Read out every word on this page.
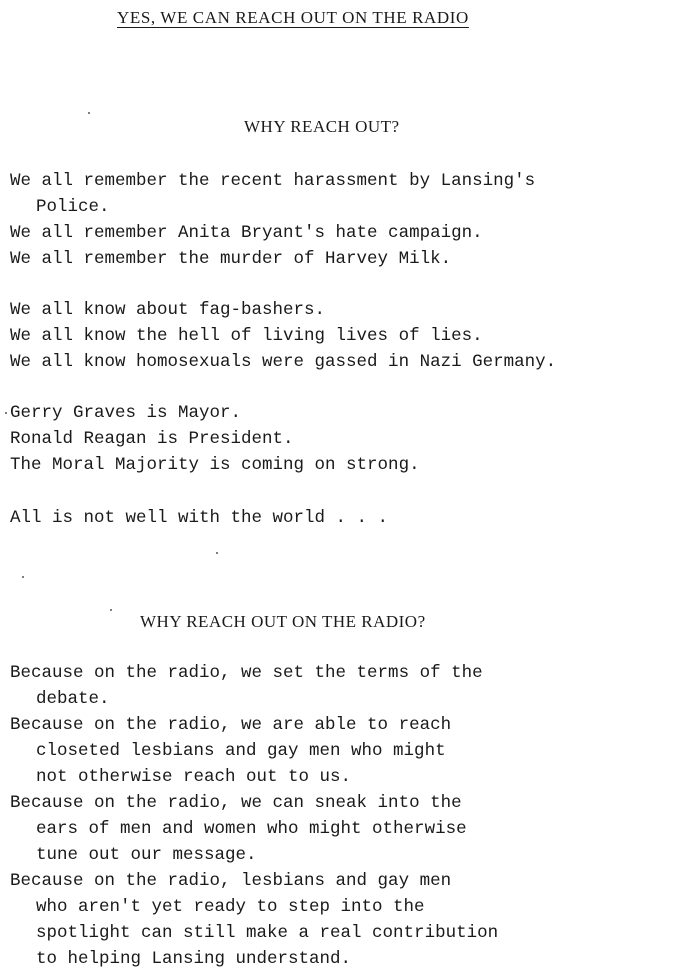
YES, WE CAN REACH OUT ON THE RADIO
WHY REACH OUT?
We all remember the recent harassment by Lansing's
Police.
We all remember Anita Bryant's hate campaign.
We all remember the murder of Harvey Milk.
We all know about fag-bashers.
We all know the hell of living lives of lies.
We all know homosexuals were gassed in Nazi Germany.
Gerry Graves is Mayor.
Ronald Reagan is President.
The Moral Majority is coming on strong.
All is not well with the world . . .
WHY REACH OUT ON THE RADIO?
Because on the radio, we set the terms of the
debate.
Because on the radio, we are able to reach
closeted lesbians and gay men who might
not otherwise reach out to us.
Because on the radio, we can sneak into the
ears of men and women who might otherwise
tune out our message.
Because on the radio, lesbians and gay men
who aren't yet ready to step into the
spotlight can still make a real contribution
to helping Lansing understand.
